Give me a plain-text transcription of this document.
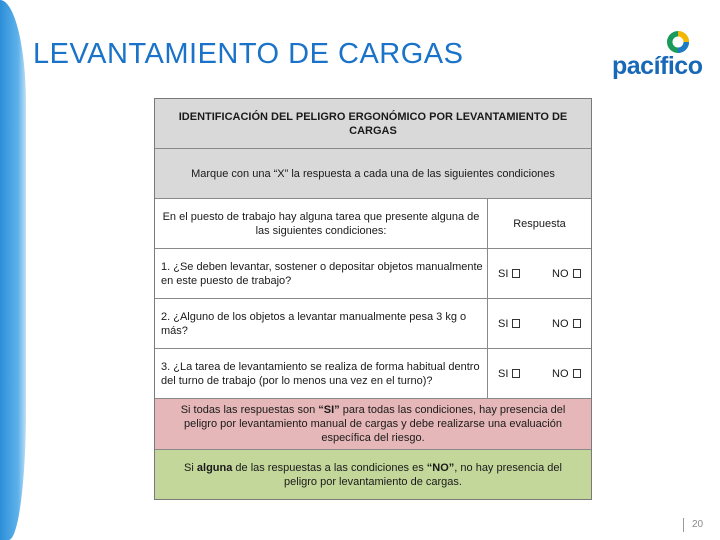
LEVANTAMIENTO DE CARGAS	pacífico
IDENTIFICACIÓN DEL PELIGRO ERGONÓMICO POR LEVANTAMIENTO DE CARGAS
Marque con una “X” la respuesta a cada una de las siguientes condiciones
En el puesto de trabajo hay alguna tarea que presente alguna de las siguientes condiciones:
Respuesta
1. ¿Se deben levantar, sostener o depositar objetos manualmente en este puesto de trabajo?
SI	NO
2. ¿Alguno de los objetos a levantar manualmente pesa 3 kg o más?
SI	NO
3. ¿La tarea de levantamiento se realiza de forma habitual dentro del turno de trabajo (por lo menos una vez en el turno)?
SI	NO
Si todas las respuestas son “SI” para todas las condiciones, hay presencia del peligro por levantamiento manual de cargas y debe realizarse una evaluación específica del riesgo.
Si alguna de las respuestas a las condiciones es “NO”, no hay presencia del peligro por levantamiento de cargas.
20
